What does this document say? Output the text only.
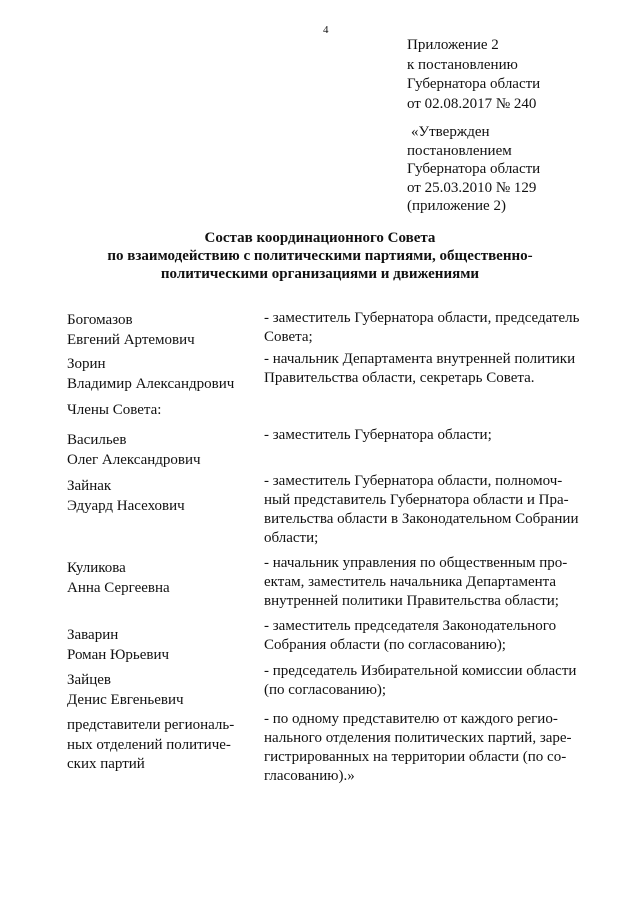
4
Приложение 2
к постановлению
Губернатора области
от 02.08.2017 № 240
«Утвержден
постановлением
Губернатора области
от 25.03.2010 № 129
(приложение 2)
Состав координационного Совета
по взаимодействию с политическими партиями, общественно-
политическими организациями и движениями
Богомазов
Евгений Артемович
- заместитель Губернатора области, председатель
Совета;
Зорин
Владимир Александрович
- начальник Департамента внутренней политики
Правительства области, секретарь Совета.
Члены Совета:
Васильев
Олег Александрович
- заместитель Губернатора области;
Зайнак
Эдуард Насехович
- заместитель Губернатора области, полномоч-
ный представитель Губернатора области и Пра-
вительства области в Законодательном Собрании
области;
Куликова
Анна Сергеевна
- начальник управления по общественным про-
ектам, заместитель начальника Департамента
внутренней политики Правительства области;
Заварин
Роман Юрьевич
- заместитель председателя Законодательного
Собрания области (по согласованию);
Зайцев
Денис Евгеньевич
- председатель Избирательной комиссии области
(по согласованию);
представители региональ-
ных отделений политиче-
ских партий
- по одному представителю от каждого регио-
нального отделения политических партий, заре-
гистрированных на территории области (по со-
гласованию).»
